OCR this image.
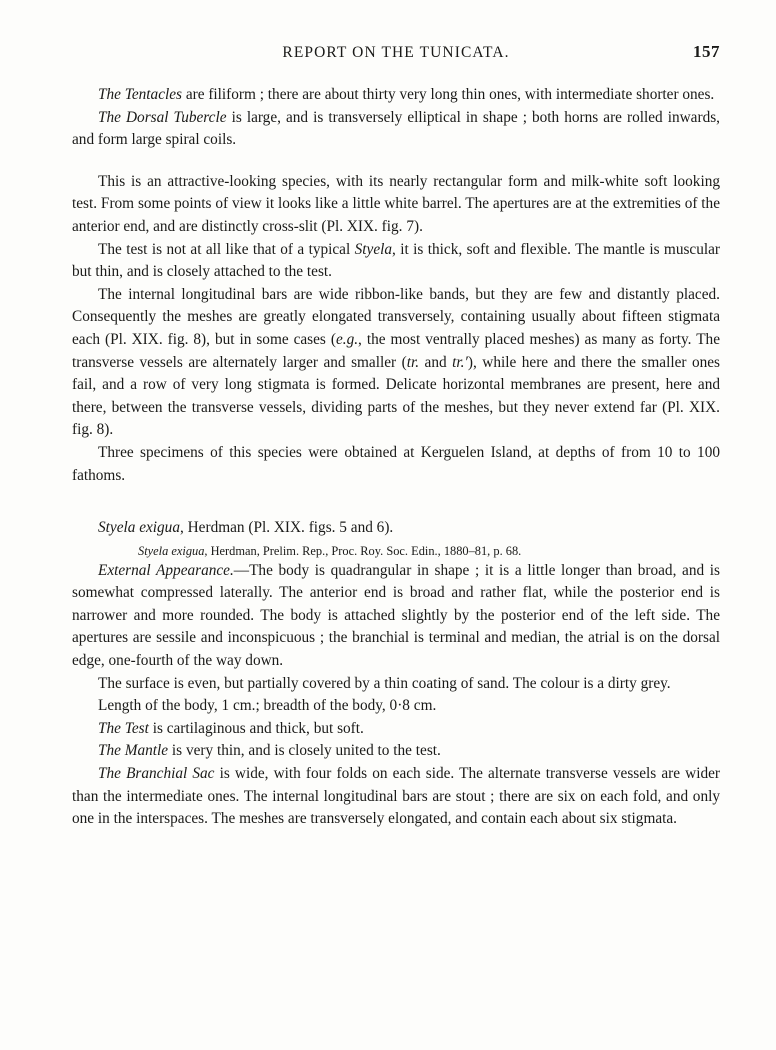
REPORT ON THE TUNICATA.	157

The Tentacles are filiform ; there are about thirty very long thin ones, with intermediate shorter ones.

The Dorsal Tubercle is large, and is transversely elliptical in shape ; both horns are rolled inwards, and form large spiral coils.

This is an attractive-looking species, with its nearly rectangular form and milk-white soft looking test. From some points of view it looks like a little white barrel. The apertures are at the extremities of the anterior end, and are distinctly cross-slit (Pl. XIX. fig. 7).

The test is not at all like that of a typical Styela, it is thick, soft and flexible. The mantle is muscular but thin, and is closely attached to the test.

The internal longitudinal bars are wide ribbon-like bands, but they are few and distantly placed. Consequently the meshes are greatly elongated transversely, containing usually about fifteen stigmata each (Pl. XIX. fig. 8), but in some cases (e.g., the most ventrally placed meshes) as many as forty. The transverse vessels are alternately larger and smaller (tr. and tr.′), while here and there the smaller ones fail, and a row of very long stigmata is formed. Delicate horizontal membranes are present, here and there, between the transverse vessels, dividing parts of the meshes, but they never extend far (Pl. XIX. fig. 8).

Three specimens of this species were obtained at Kerguelen Island, at depths of from 10 to 100 fathoms.

Styela exigua, Herdman (Pl. XIX. figs. 5 and 6).

Styela exigua, Herdman, Prelim. Rep., Proc. Roy. Soc. Edin., 1880–81, p. 68.

External Appearance.—The body is quadrangular in shape ; it is a little longer than broad, and is somewhat compressed laterally. The anterior end is broad and rather flat, while the posterior end is narrower and more rounded. The body is attached slightly by the posterior end of the left side. The apertures are sessile and inconspicuous ; the branchial is terminal and median, the atrial is on the dorsal edge, one-fourth of the way down.

The surface is even, but partially covered by a thin coating of sand. The colour is a dirty grey.

Length of the body, 1 cm.; breadth of the body, 0·8 cm.

The Test is cartilaginous and thick, but soft.

The Mantle is very thin, and is closely united to the test.

The Branchial Sac is wide, with four folds on each side. The alternate transverse vessels are wider than the intermediate ones. The internal longitudinal bars are stout ; there are six on each fold, and only one in the interspaces. The meshes are transversely elongated, and contain each about six stigmata.
